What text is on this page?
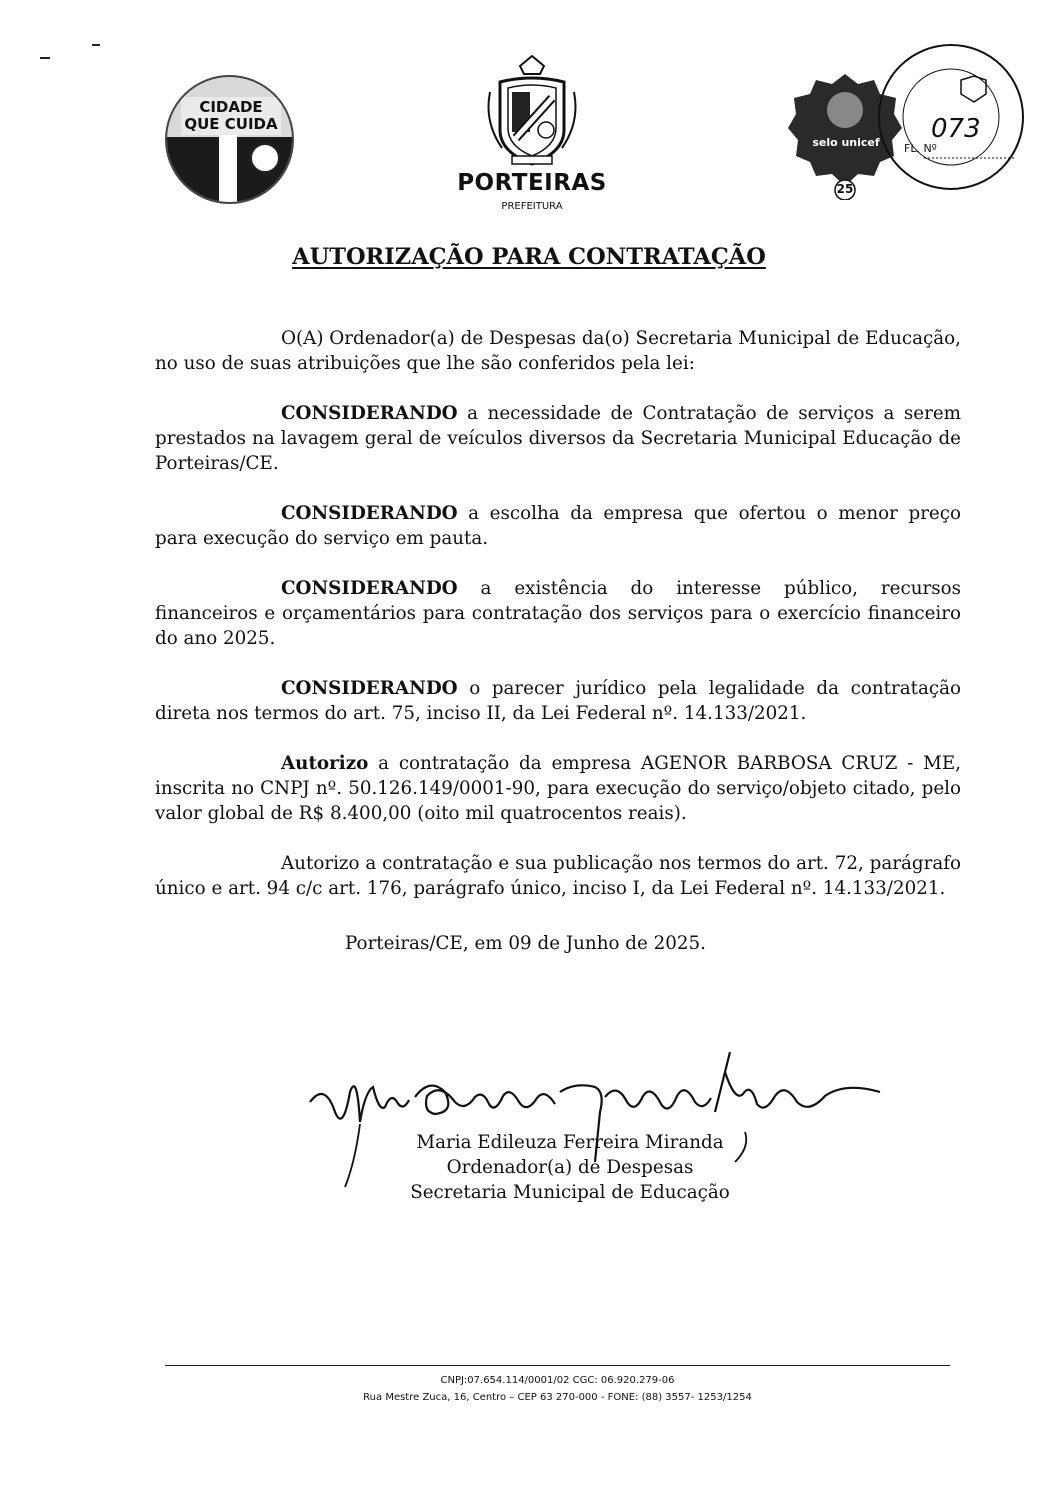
CIDADE QUE CUIDA
PORTEIRAS
PREFEITURA
selo unicef
25
073
FL. Nº
AUTORIZAÇÃO PARA CONTRATAÇÃO

O(A) Ordenador(a) de Despesas da(o) Secretaria Municipal de Educação, no uso de suas atribuições que lhe são conferidos pela lei:

CONSIDERANDO a necessidade de Contratação de serviços a serem prestados na lavagem geral de veículos diversos da Secretaria Municipal Educação de Porteiras/CE.

CONSIDERANDO a escolha da empresa que ofertou o menor preço para execução do serviço em pauta.

CONSIDERANDO a existência do interesse público, recursos financeiros e orçamentários para contratação dos serviços para o exercício financeiro do ano 2025.

CONSIDERANDO o parecer jurídico pela legalidade da contratação direta nos termos do art. 75, inciso II, da Lei Federal nº. 14.133/2021.

Autorizo a contratação da empresa AGENOR BARBOSA CRUZ - ME, inscrita no CNPJ nº. 50.126.149/0001-90, para execução do serviço/objeto citado, pelo valor global de R$ 8.400,00 (oito mil quatrocentos reais).

Autorizo a contratação e sua publicação nos termos do art. 72, parágrafo único e art. 94 c/c art. 176, parágrafo único, inciso I, da Lei Federal nº. 14.133/2021.

Porteiras/CE, em 09 de Junho de 2025.

Maria Edileuza Ferreira Miranda
Ordenador(a) de Despesas
Secretaria Municipal de Educação
CNPJ:07.654.114/0001/02 CGC: 06.920.279-06
Rua Mestre Zuca, 16, Centro – CEP 63 270-000 - FONE: (88) 3557- 1253/1254
